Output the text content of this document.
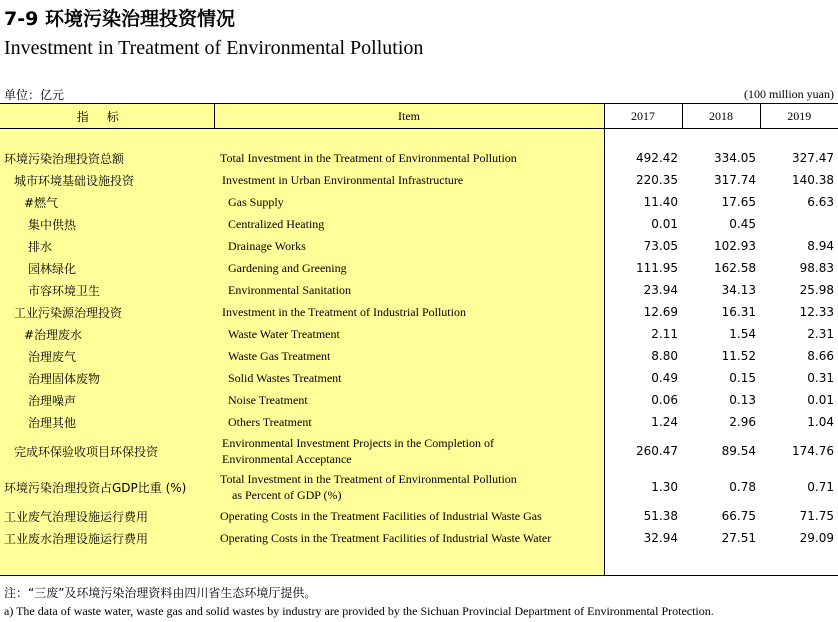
7-9 环境污染治理投资情况
Investment in Treatment of Environmental Pollution
单位：亿元	(100 million yuan)
指标	Item	2017	2018	2019

环境污染治理投资总额	Total Investment in the Treatment of Environmental Pollution	492.42	334.05	327.47
城市环境基础设施投资	Investment in Urban Environmental Infrastructure	220.35	317.74	140.38
#燃气	Gas Supply	11.40	17.65	6.63
集中供热	Centralized Heating	0.01	0.45	
排水	Drainage Works	73.05	102.93	8.94
园林绿化	Gardening and Greening	111.95	162.58	98.83
市容环境卫生	Environmental Sanitation	23.94	34.13	25.98
工业污染源治理投资	Investment in the Treatment of Industrial Pollution	12.69	16.31	12.33
#治理废水	Waste Water Treatment	2.11	1.54	2.31
治理废气	Waste Gas Treatment	8.80	11.52	8.66
治理固体废物	Solid Wastes Treatment	0.49	0.15	0.31
治理噪声	Noise Treatment	0.06	0.13	0.01
治理其他	Others Treatment	1.24	2.96	1.04
完成环保验收项目环保投资	Environmental Investment Projects in the Completion of
Environmental Acceptance	260.47	89.54	174.76
环境污染治理投资占GDP比重 (%)	Total Investment in the Treatment of Environmental Pollution
as Percent of GDP (%)	1.30	0.78	0.71
工业废气治理设施运行费用	Operating Costs in the Treatment Facilities of Industrial Waste Gas	51.38	66.75	71.75
工业废水治理设施运行费用	Operating Costs in the Treatment Facilities of Industrial Waste Water	32.94	27.51	29.09

注：“三废”及环境污染治理资料由四川省生态环境厅提供。
a) The data of waste water, waste gas and solid wastes by industry are provided by the Sichuan Provincial Department of Environmental Protection.
